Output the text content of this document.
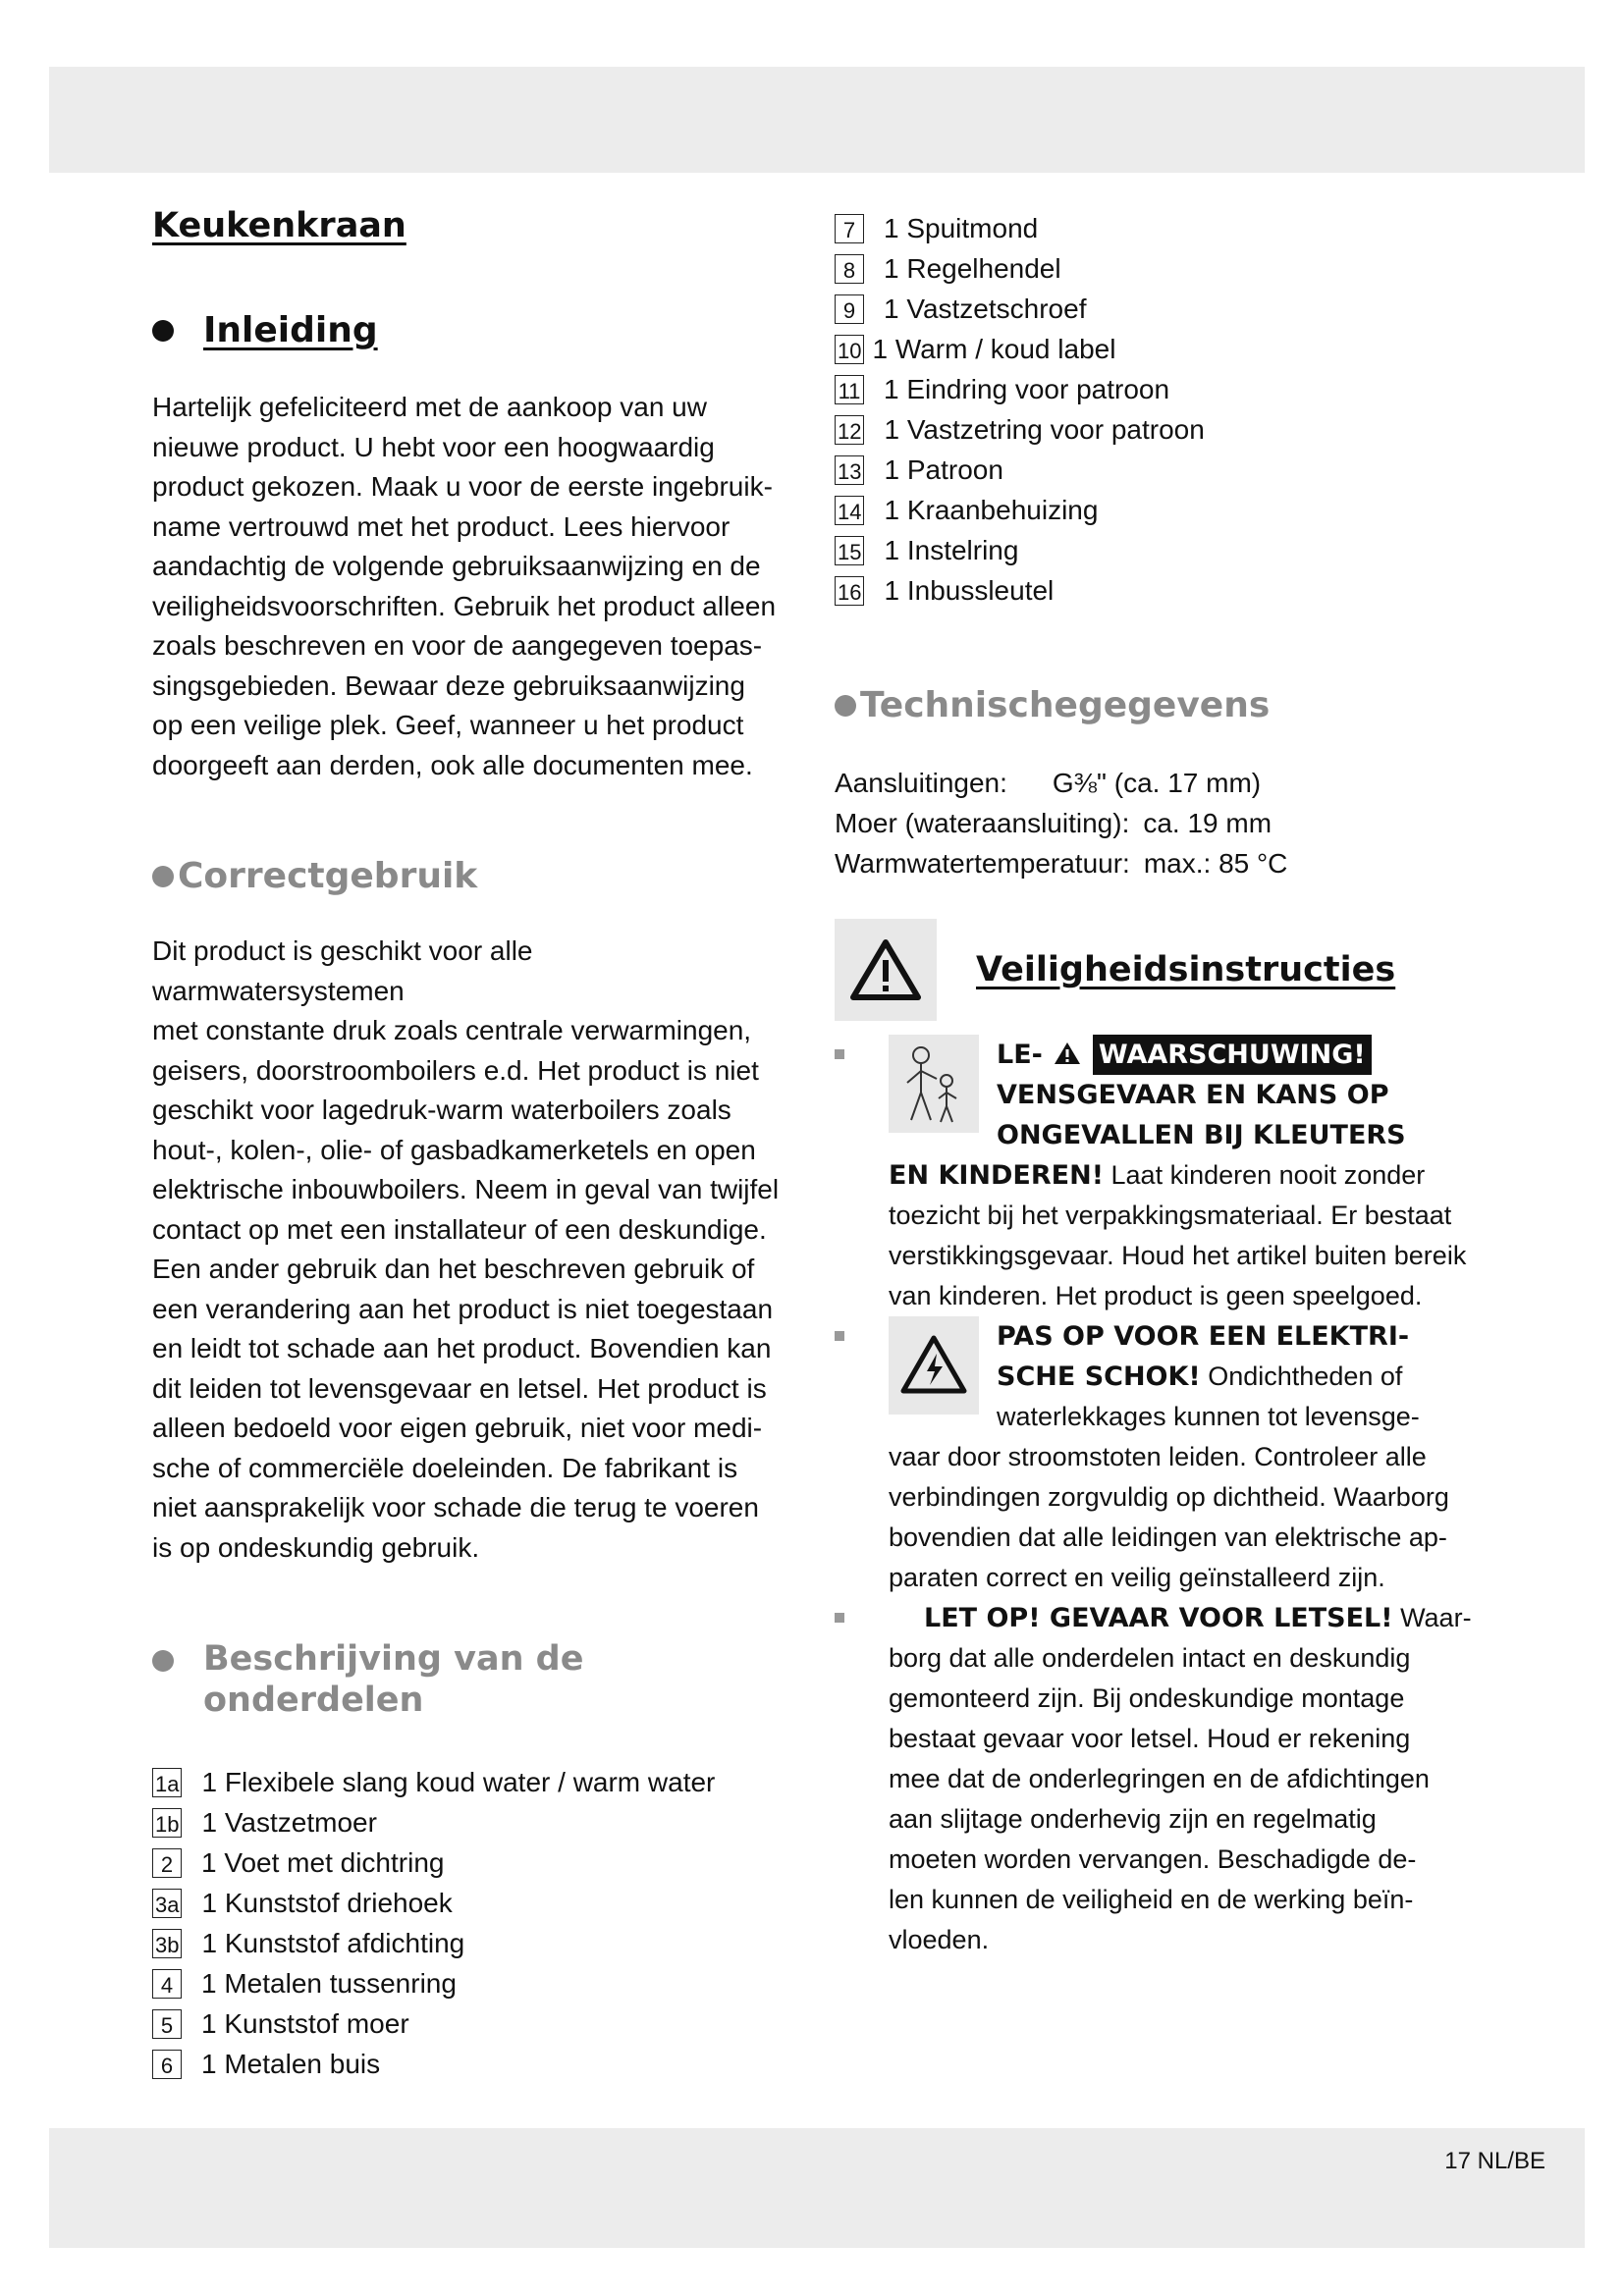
Keukenkraan
Inleiding
Hartelijk gefeliciteerd met de aankoop van uw
nieuwe product. U hebt voor een hoogwaardig
product gekozen. Maak u voor de eerste ingebruik-
name vertrouwd met het product. Lees hiervoor
aandachtig de volgende gebruiksaanwijzing en de
veiligheidsvoorschriften. Gebruik het product alleen
zoals beschreven en voor de aangegeven toepas-
singsgebieden. Bewaar deze gebruiksaanwijzing
op een veilige plek. Geef, wanneer u het product
doorgeeft aan derden, ook alle documenten mee.
Correctgebruik
Dit product is geschikt voor alle warmwatersystemen
met constante druk zoals centrale verwarmingen,
geisers, doorstroomboilers e.d. Het product is niet
geschikt voor lagedruk-warm waterboilers zoals
hout-, kolen-, olie- of gasbadkamerketels en open
elektrische inbouwboilers. Neem in geval van twijfel
contact op met een installateur of een deskundige.
Een ander gebruik dan het beschreven gebruik of
een verandering aan het product is niet toegestaan
en leidt tot schade aan het product. Bovendien kan
dit leiden tot levensgevaar en letsel. Het product is
alleen bedoeld voor eigen gebruik, niet voor medi-
sche of commerciële doeleinden. De fabrikant is
niet aansprakelijk voor schade die terug te voeren
is op ondeskundig gebruik.
Beschrijving van de
onderdelen
1a 1 Flexibele slang koud water / warm water
1b 1 Vastzetmoer
2	1 Voet met dichtring
3a 1 Kunststof driehoek
3b 1 Kunststof afdichting
4	1 Metalen tussenring
5	1 Kunststof moer
6	1 Metalen buis
7	1 Spuitmond
8	1 Regelhendel
9	1 Vastzetschroef
10 1 Warm / koud label
11 1 Eindring voor patroon
12 1 Vastzetring voor patroon
13 1 Patroon
14 1 Kraanbehuizing
15 1 Instelring
16 1 Inbussleutel
Technischegegevens
Aansluitingen: G⅜" (ca. 17 mm)
Moer (wateraansluiting): ca. 19 mm
Warmwatertemperatuur: max.: 85 °C
Veiligheidsinstructies
LE- WAARSCHUWING!
VENSGEVAAR EN KANS OP
ONGEVALLEN BIJ KLEUTERS
EN KINDEREN! Laat kinderen nooit zonder
toezicht bij het verpakkingsmateriaal. Er bestaat
verstikkingsgevaar. Houd het artikel buiten bereik
van kinderen. Het product is geen speelgoed.
PAS OP VOOR EEN ELEKTRI-
SCHE SCHOK! Ondichtheden of
waterlekkages kunnen tot levensge-
vaar door stroomstoten leiden. Controleer alle
verbindingen zorgvuldig op dichtheid. Waarborg
bovendien dat alle leidingen van elektrische ap-
paraten correct en veilig geïnstalleerd zijn.
LET OP! GEVAAR VOOR LETSEL! Waar-
borg dat alle onderdelen intact en deskundig
gemonteerd zijn. Bij ondeskundige montage
bestaat gevaar voor letsel. Houd er rekening
mee dat de onderlegringen en de afdichtingen
aan slijtage onderhevig zijn en regelmatig
moeten worden vervangen. Beschadigde de-
len kunnen de veiligheid en de werking beïn-
vloeden.
17 NL/BE
